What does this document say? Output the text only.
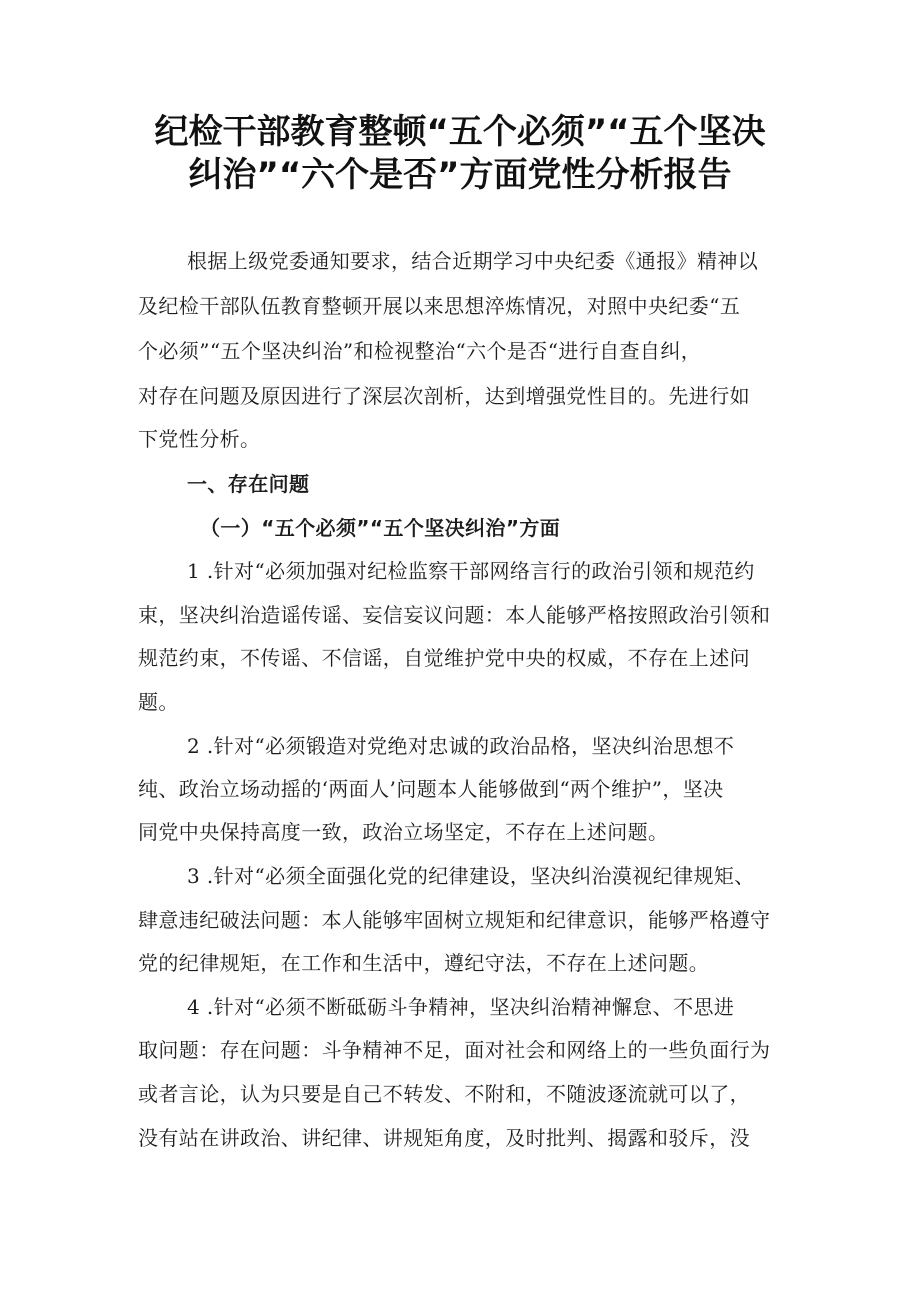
纪检干部教育整顿“五个必须”“五个坚决
纠治”“六个是否”方面党性分析报告
根据上级党委通知要求，结合近期学习中央纪委《通报》精神以
及纪检干部队伍教育整顿开展以来思想淬炼情况，对照中央纪委“五
个必须”“五个坚决纠治”和检视整治“六个是否“进行自查自纠，
对存在问题及原因进行了深层次剖析，达到增强党性目的。先进行如
下党性分析。
一、存在问题
（一）“五个必须”“五个坚决纠治”方面
1 .针对“必须加强对纪检监察干部网络言行的政治引领和规范约
束，坚决纠治造谣传谣、妄信妄议问题：本人能够严格按照政治引领和
规范约束，不传谣、不信谣，自觉维护党中央的权威，不存在上述问
题。
2 .针对“必须锻造对党绝对忠诚的政治品格，坚决纠治思想不
纯、政治立场动摇的‘两面人’问题本人能够做到“两个维护”，坚决
同党中央保持高度一致，政治立场坚定，不存在上述问题。
3 .针对“必须全面强化党的纪律建设，坚决纠治漠视纪律规矩、
肆意违纪破法问题：本人能够牢固树立规矩和纪律意识，能够严格遵守
党的纪律规矩，在工作和生活中，遵纪守法，不存在上述问题。
4 .针对“必须不断砥砺斗争精神，坚决纠治精神懈怠、不思进
取问题：存在问题：斗争精神不足，面对社会和网络上的一些负面行为
或者言论，认为只要是自己不转发、不附和，不随波逐流就可以了，
没有站在讲政治、讲纪律、讲规矩角度，及时批判、揭露和驳斥，没
